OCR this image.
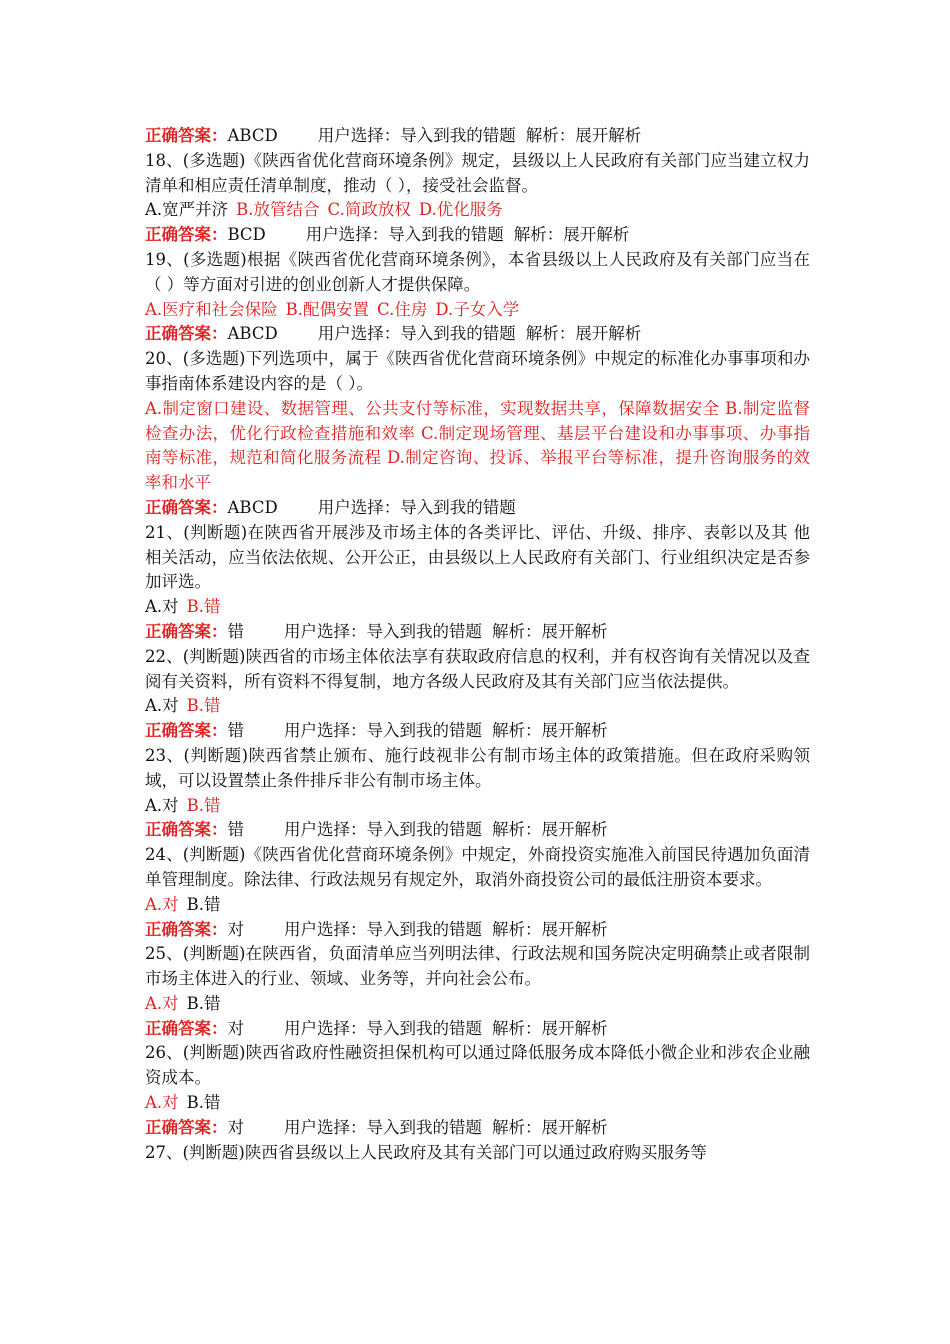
正确答案：ABCD 用户选择：导入到我的错题 解析：展开解析
18、(多选题)《陕西省优化营商环境条例》规定，县级以上人民政府有关部门应当建立权力清单和相应责任清单制度，推动（ ），接受社会监督。
A.宽严并济 B.放管结合 C.简政放权 D.优化服务
正确答案：BCD 用户选择：导入到我的错题 解析：展开解析
19、(多选题)根据《陕西省优化营商环境条例》，本省县级以上人民政府及有关部门应当在（ ）等方面对引进的创业创新人才提供保障。
A.医疗和社会保险 B.配偶安置 C.住房 D.子女入学
正确答案：ABCD 用户选择：导入到我的错题 解析：展开解析
20、(多选题)下列选项中，属于《陕西省优化营商环境条例》中规定的标准化办事事项和办事指南体系建设内容的是（ ）。
A.制定窗口建设、数据管理、公共支付等标准，实现数据共享，保障数据安全 B.制定监督检查办法，优化行政检查措施和效率 C.制定现场管理、基层平台建设和办事事项、办事指南等标准，规范和简化服务流程 D.制定咨询、投诉、举报平台等标准，提升咨询服务的效率和水平
正确答案：ABCD 用户选择：导入到我的错题
21、(判断题)在陕西省开展涉及市场主体的各类评比、评估、升级、排序、表彰以及其 他相关活动，应当依法依规、公开公正，由县级以上人民政府有关部门、行业组织决定是否参加评选。
A.对 B.错
正确答案：错 用户选择：导入到我的错题 解析：展开解析
22、(判断题)陕西省的市场主体依法享有获取政府信息的权利，并有权咨询有关情况以及查阅有关资料，所有资料不得复制，地方各级人民政府及其有关部门应当依法提供。
A.对 B.错
正确答案：错 用户选择：导入到我的错题 解析：展开解析
23、(判断题)陕西省禁止颁布、施行歧视非公有制市场主体的政策措施。但在政府采购领域，可以设置禁止条件排斥非公有制市场主体。
A.对 B.错
正确答案：错 用户选择：导入到我的错题 解析：展开解析
24、(判断题)《陕西省优化营商环境条例》中规定，外商投资实施准入前国民待遇加负面清单管理制度。除法律、行政法规另有规定外，取消外商投资公司的最低注册资本要求。
A.对 B.错
正确答案：对 用户选择：导入到我的错题 解析：展开解析
25、(判断题)在陕西省，负面清单应当列明法律、行政法规和国务院决定明确禁止或者限制市场主体进入的行业、领域、业务等，并向社会公布。
A.对 B.错
正确答案：对 用户选择：导入到我的错题 解析：展开解析
26、(判断题)陕西省政府性融资担保机构可以通过降低服务成本降低小微企业和涉农企业融资成本。
A.对 B.错
正确答案：对 用户选择：导入到我的错题 解析：展开解析
27、(判断题)陕西省县级以上人民政府及其有关部门可以通过政府购买服务等
